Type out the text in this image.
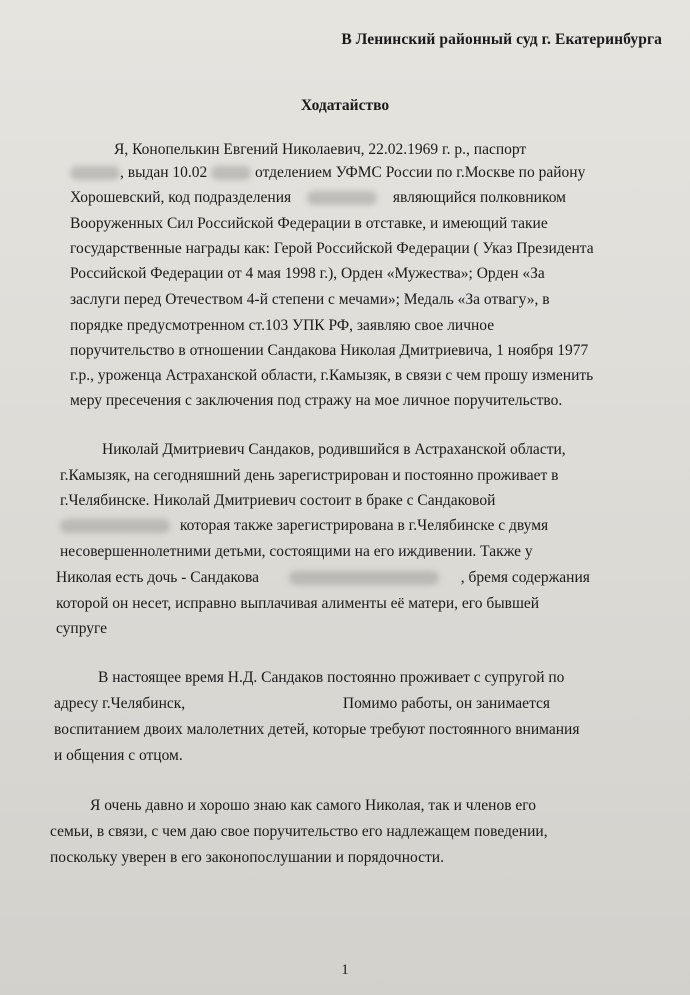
В Ленинский районный суд г. Екатеринбурга
Ходатайство
Я, Конопелькин Евгений Николаевич, 22.02.1969 г. р., паспорт
, выдан 10.02	отделением УФМС России по г.Москве по району
Хорошевский, код подразделения	являющийся полковником
Вооруженных Сил Российской Федерации в отставке, и имеющий такие
государственные награды как: Герой Российской Федерации ( Указ Президента
Российской Федерации от 4 мая 1998 г.), Орден «Мужества»; Орден «За
заслуги перед Отечеством 4-й степени с мечами»; Медаль «За отвагу», в
порядке предусмотренном ст.103 УПК РФ, заявляю свое личное
поручительство в отношении Сандакова Николая Дмитриевича, 1 ноября 1977
г.р., уроженца Астраханской области, г.Камызяк, в связи с чем прошу изменить
меру пресечения с заключения под стражу на мое личное поручительство.
Николай Дмитриевич Сандаков, родившийся в Астраханской области,
г.Камызяк, на сегодняшний день зарегистрирован и постоянно проживает в
г.Челябинске. Николай Дмитриевич состоит в браке с Сандаковой
которая также зарегистрирована в г.Челябинске с двумя
несовершеннолетними детьми, состоящими на его иждивении. Также у
Николая есть дочь - Сандакова	, бремя содержания
которой он несет, исправно выплачивая алименты её матери, его бывшей
супруге
В настоящее время Н.Д. Сандаков постоянно проживает с супругой по
адресу г.Челябинск,	Помимо работы, он занимается
воспитанием двоих малолетних детей, которые требуют постоянного внимания
и общения с отцом.
Я очень давно и хорошо знаю как самого Николая, так и членов его
семьи, в связи, с чем даю свое поручительство его надлежащем поведении,
поскольку уверен в его законопослушании и порядочности.
1
